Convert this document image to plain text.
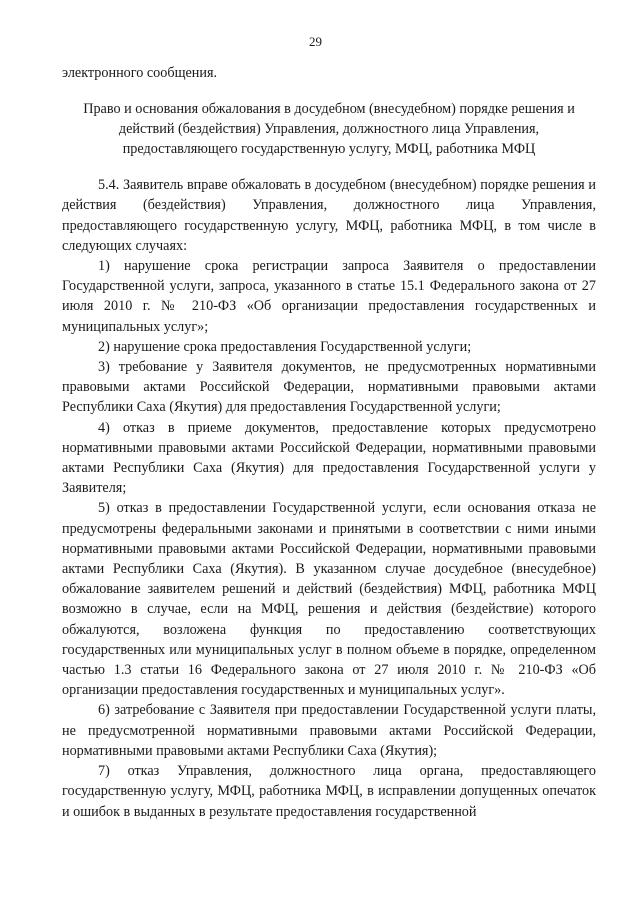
29

электронного сообщения.

Право и основания обжалования в досудебном (внесудебном) порядке решения и действий (бездействия) Управления, должностного лица Управления, предоставляющего государственную услугу, МФЦ, работника МФЦ

5.4. Заявитель вправе обжаловать в досудебном (внесудебном) порядке решения и действия (бездействия) Управления, должностного лица Управления, предоставляющего государственную услугу, МФЦ, работника МФЦ, в том числе в следующих случаях:

1) нарушение срока регистрации запроса Заявителя о предоставлении Государственной услуги, запроса, указанного в статье 15.1 Федерального закона от 27 июля 2010 г. № 210-ФЗ «Об организации предоставления государственных и муниципальных услуг»;

2) нарушение срока предоставления Государственной услуги;

3) требование у Заявителя документов, не предусмотренных нормативными правовыми актами Российской Федерации, нормативными правовыми актами Республики Саха (Якутия) для предоставления Государственной услуги;

4) отказ в приеме документов, предоставление которых предусмотрено нормативными правовыми актами Российской Федерации, нормативными правовыми актами Республики Саха (Якутия) для предоставления Государственной услуги у Заявителя;

5) отказ в предоставлении Государственной услуги, если основания отказа не предусмотрены федеральными законами и принятыми в соответствии с ними иными нормативными правовыми актами Российской Федерации, нормативными правовыми актами Республики Саха (Якутия). В указанном случае досудебное (внесудебное) обжалование заявителем решений и действий (бездействия) МФЦ, работника МФЦ возможно в случае, если на МФЦ, решения и действия (бездействие) которого обжалуются, возложена функция по предоставлению соответствующих государственных или муниципальных услуг в полном объеме в порядке, определенном частью 1.3 статьи 16 Федерального закона от 27 июля 2010 г. № 210-ФЗ «Об организации предоставления государственных и муниципальных услуг».

6) затребование с Заявителя при предоставлении Государственной услуги платы, не предусмотренной нормативными правовыми актами Российской Федерации, нормативными правовыми актами Республики Саха (Якутия);

7) отказ Управления, должностного лица органа, предоставляющего государственную услугу, МФЦ, работника МФЦ, в исправлении допущенных опечаток и ошибок в выданных в результате предоставления государственной
